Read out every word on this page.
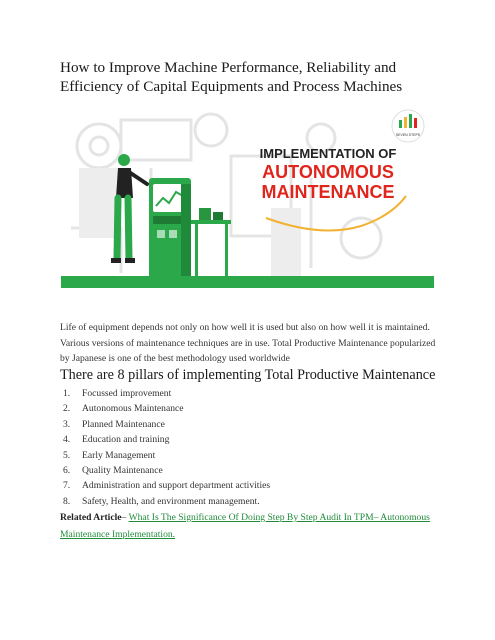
How to Improve Machine Performance, Reliability and Efficiency of Capital Equipments and Process Machines
SEVEN STEPS
IMPLEMENTATION OF
AUTONOMOUS
MAINTENANCE
Life of equipment depends not only on how well it is used but also on how well it is maintained. Various versions of maintenance techniques are in use. Total Productive Maintenance popularized by Japanese is one of the best methodology used worldwide
There are 8 pillars of implementing Total Productive Maintenance
1.	Focussed improvement
2.	Autonomous Maintenance
3.	Planned Maintenance
4.	Education and training
5.	Early Management
6.	Quality Maintenance
7.	Administration and support department activities
8.	Safety, Health, and environment management.
Related Article– What Is The Significance Of Doing Step By Step Audit In TPM– Autonomous Maintenance Implementation.
